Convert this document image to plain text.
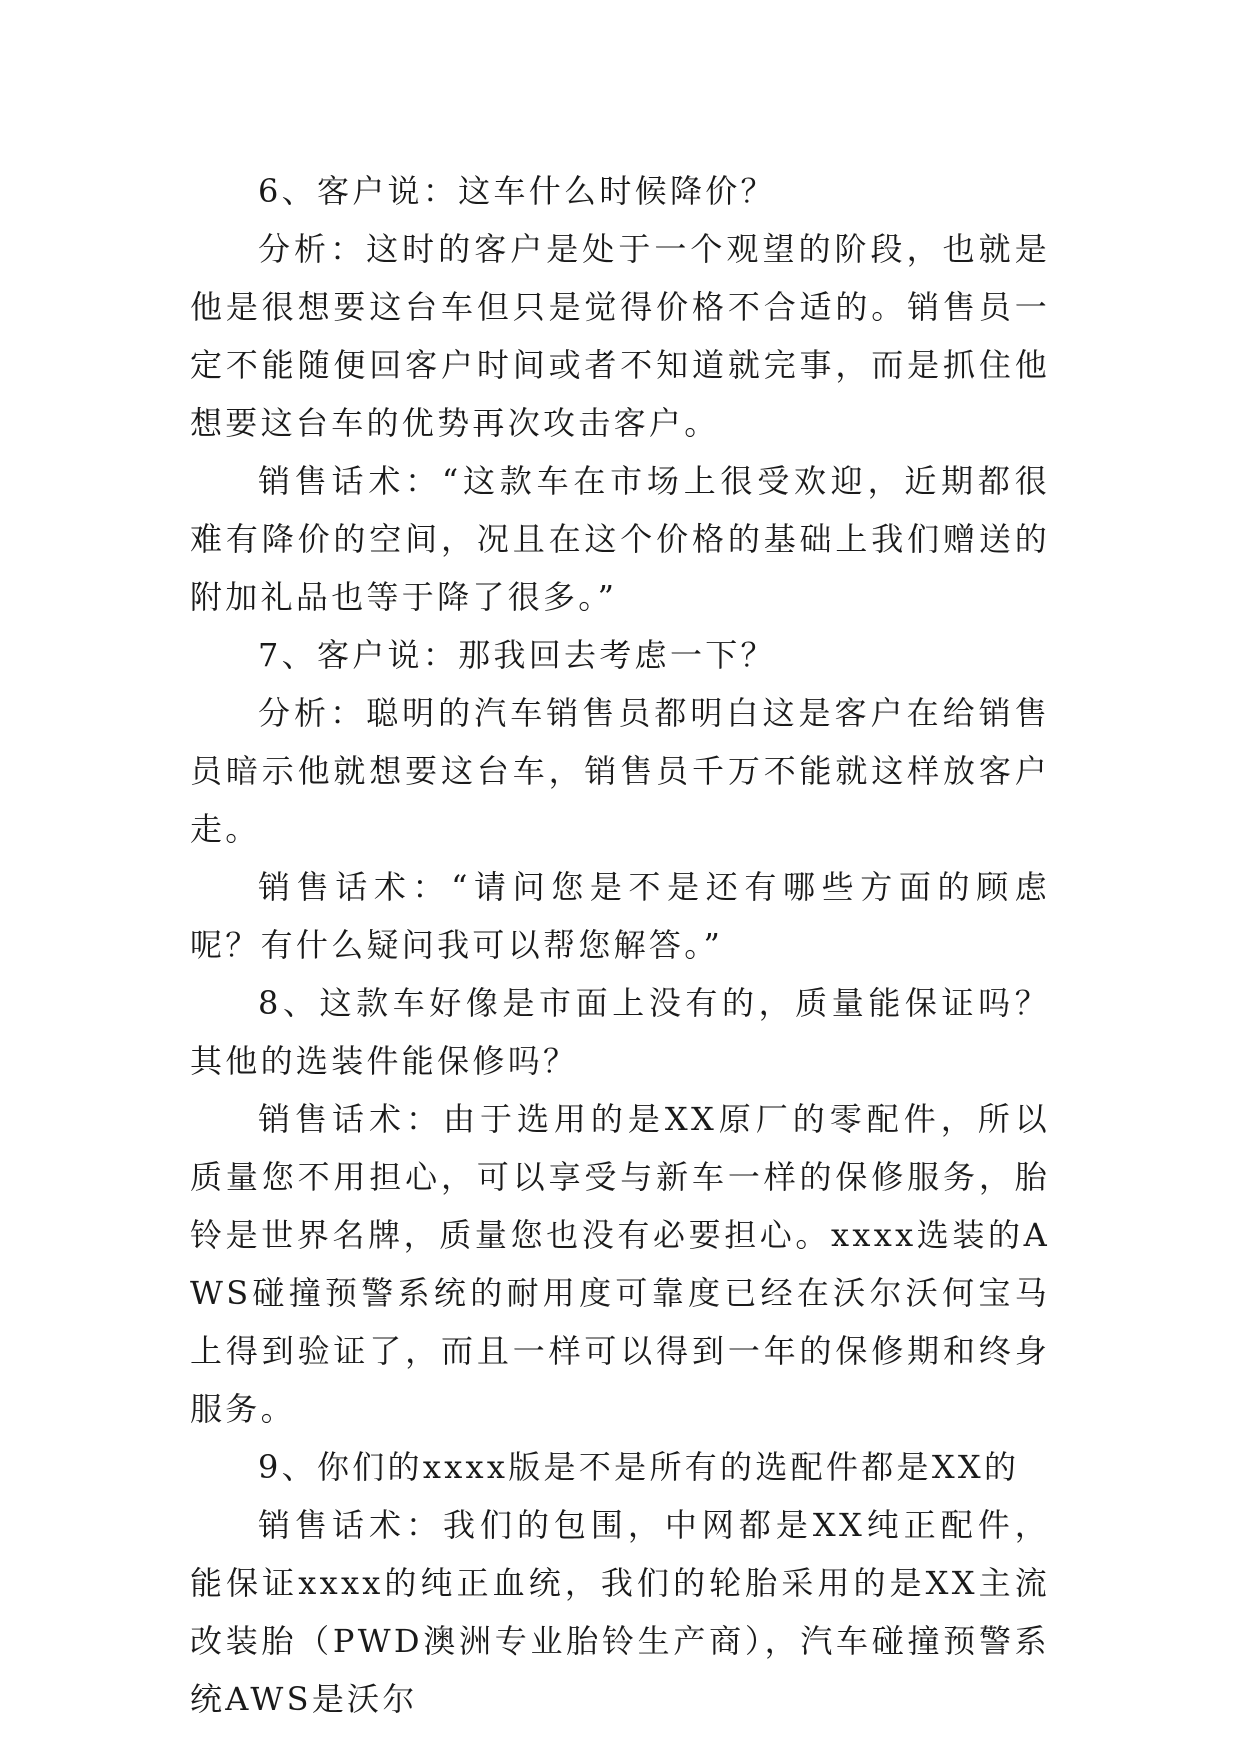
6、客户说：这车什么时候降价？

分析：这时的客户是处于一个观望的阶段，也就是他是很想要这台车但只是觉得价格不合适的。销售员一定不能随便回客户时间或者不知道就完事，而是抓住他想要这台车的优势再次攻击客户。

销售话术：“这款车在市场上很受欢迎，近期都很难有降价的空间，况且在这个价格的基础上我们赠送的附加礼品也等于降了很多。”

7、客户说：那我回去考虑一下？

分析：聪明的汽车销售员都明白这是客户在给销售员暗示他就想要这台车，销售员千万不能就这样放客户走。

销售话术：“请问您是不是还有哪些方面的顾虑呢？有什么疑问我可以帮您解答。”

8、这款车好像是市面上没有的，质量能保证吗？其他的选装件能保修吗？

销售话术：由于选用的是XX原厂的零配件，所以质量您不用担心，可以享受与新车一样的保修服务，胎铃是世界名牌，质量您也没有必要担心。xxxx选装的AWS碰撞预警系统的耐用度可靠度已经在沃尔沃何宝马上得到验证了，而且一样可以得到一年的保修期和终身服务。

9、你们的xxxx版是不是所有的选配件都是XX的

销售话术：我们的包围，中网都是XX纯正配件，能保证xxxx的纯正血统，我们的轮胎采用的是XX主流改装胎（PWD澳洲专业胎铃生产商），汽车碰撞预警系统AWS是沃尔
